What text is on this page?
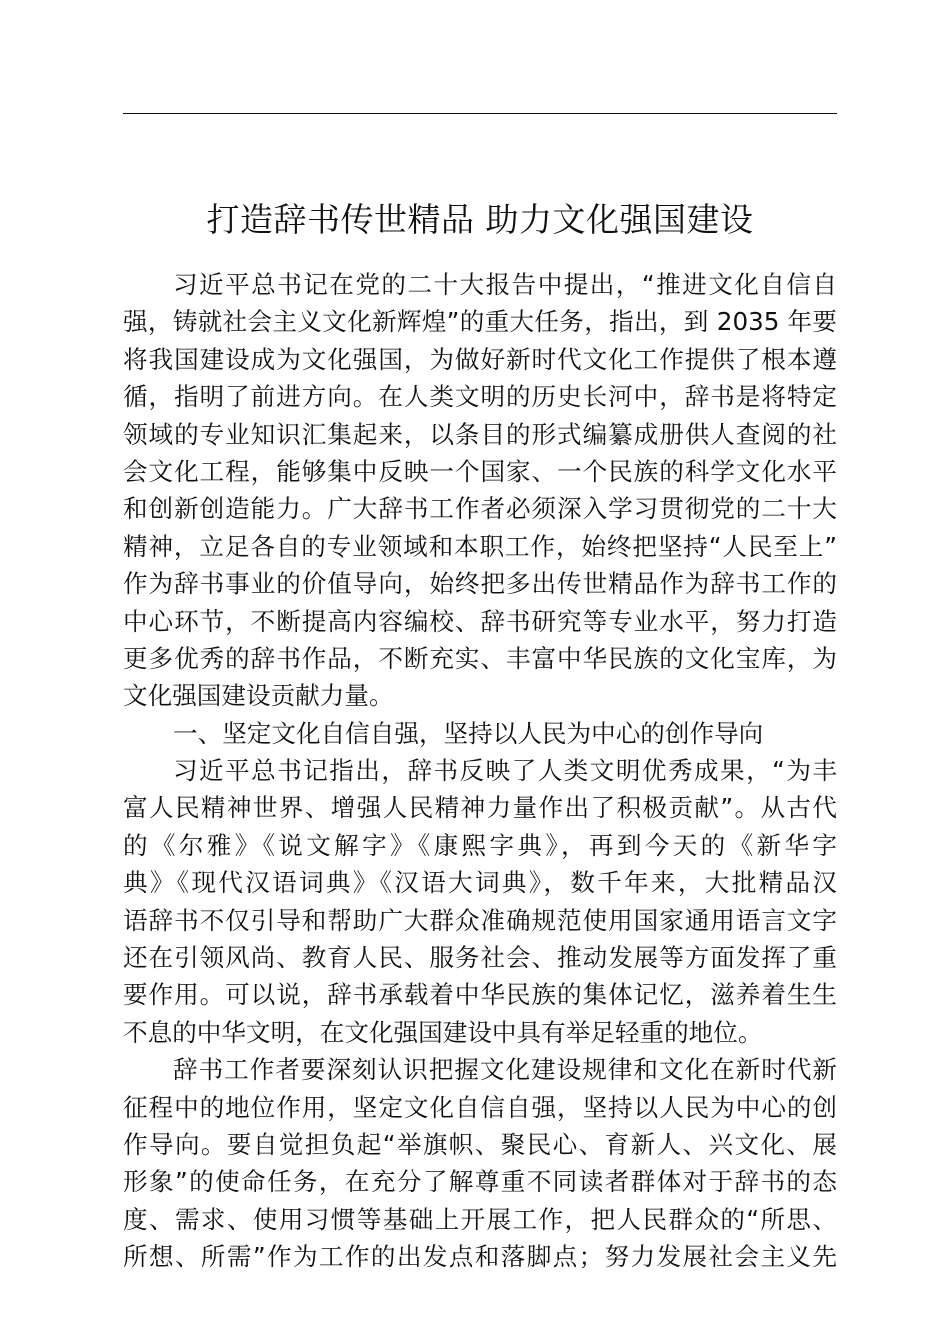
打造辞书传世精品 助力文化强国建设
习近平总书记在党的二十大报告中提出，“推进文化自信自
强，铸就社会主义文化新辉煌”的重大任务，指出，到 2035 年要
将我国建设成为文化强国，为做好新时代文化工作提供了根本遵
循，指明了前进方向。在人类文明的历史长河中，辞书是将特定
领域的专业知识汇集起来，以条目的形式编纂成册供人查阅的社
会文化工程，能够集中反映一个国家、一个民族的科学文化水平
和创新创造能力。广大辞书工作者必须深入学习贯彻党的二十大
精神，立足各自的专业领域和本职工作，始终把坚持“人民至上”
作为辞书事业的价值导向，始终把多出传世精品作为辞书工作的
中心环节，不断提高内容编校、辞书研究等专业水平，努力打造
更多优秀的辞书作品，不断充实、丰富中华民族的文化宝库，为
文化强国建设贡献力量。
一、坚定文化自信自强，坚持以人民为中心的创作导向
习近平总书记指出，辞书反映了人类文明优秀成果，“为丰
富人民精神世界、增强人民精神力量作出了积极贡献”。从古代
的《尔雅》《说文解字》《康熙字典》，再到今天的《新华字
典》《现代汉语词典》《汉语大词典》，数千年来，大批精品汉
语辞书不仅引导和帮助广大群众准确规范使用国家通用语言文字
还在引领风尚、教育人民、服务社会、推动发展等方面发挥了重
要作用。可以说，辞书承载着中华民族的集体记忆，滋养着生生
不息的中华文明，在文化强国建设中具有举足轻重的地位。
辞书工作者要深刻认识把握文化建设规律和文化在新时代新
征程中的地位作用，坚定文化自信自强，坚持以人民为中心的创
作导向。要自觉担负起“举旗帜、聚民心、育新人、兴文化、展
形象”的使命任务，在充分了解尊重不同读者群体对于辞书的态
度、需求、使用习惯等基础上开展工作，把人民群众的“所思、
所想、所需”作为工作的出发点和落脚点；努力发展社会主义先
